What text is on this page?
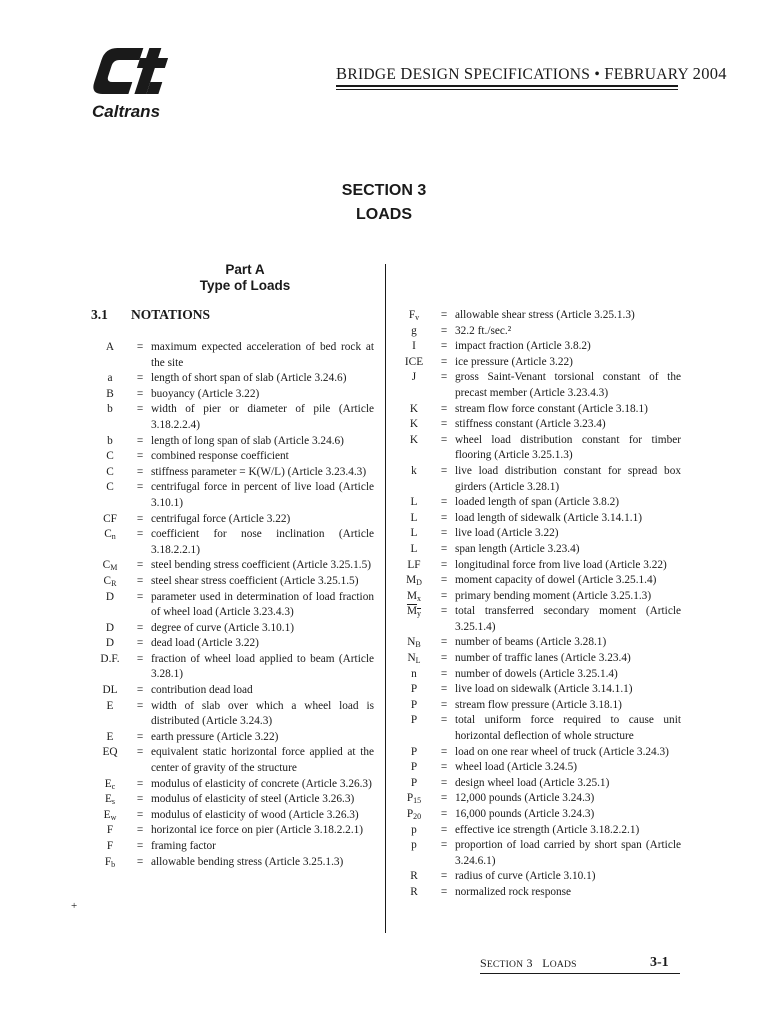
Caltrans
BRIDGE DESIGN SPECIFICATIONS • FEBRUARY 2004
SECTION 3
LOADS
Part A
Type of Loads
3.1 NOTATIONS
A	= maximum expected acceleration of bed rock at the site
a	= length of short span of slab (Article 3.24.6)
B	= buoyancy (Article 3.22)
b	= width of pier or diameter of pile (Article 3.18.2.2.4)
b	= length of long span of slab (Article 3.24.6)
C	= combined response coefficient
C	= stiffness parameter = K(W/L) (Article 3.23.4.3)
C	= centrifugal force in percent of live load (Article 3.10.1)
CF	= centrifugal force (Article 3.22)
$C_n$	= coefficient for nose inclination (Article 3.18.2.2.1)
$C_M$	= steel bending stress coefficient (Article 3.25.1.5)
$C_R$	= steel shear stress coefficient (Article 3.25.1.5)
D	= parameter used in determination of load fraction of wheel load (Article 3.23.4.3)
D	= degree of curve (Article 3.10.1)
D	= dead load (Article 3.22)
D.F.	= fraction of wheel load applied to beam (Article 3.28.1)
DL	= contribution dead load
E	= width of slab over which a wheel load is distributed (Article 3.24.3)
E	= earth pressure (Article 3.22)
EQ	= equivalent static horizontal force applied at the center of gravity of the structure
$E_c$	= modulus of elasticity of concrete (Article 3.26.3)
$E_s$	= modulus of elasticity of steel (Article 3.26.3)
$E_w$	= modulus of elasticity of wood (Article 3.26.3)
F	= horizontal ice force on pier (Article 3.18.2.2.1)
F	= framing factor
$F_b$	= allowable bending stress (Article 3.25.1.3)
$F_v$	= allowable shear stress (Article 3.25.1.3)
g	= 32.2 ft./sec.²
I	= impact fraction (Article 3.8.2)
ICE	= ice pressure (Article 3.22)
J	= gross Saint-Venant torsional constant of the precast member (Article 3.23.4.3)
K	= stream flow force constant (Article 3.18.1)
K	= stiffness constant (Article 3.23.4)
K	= wheel load distribution constant for timber flooring (Article 3.25.1.3)
k	= live load distribution constant for spread box girders (Article 3.28.1)
L	= loaded length of span (Article 3.8.2)
L	= load length of sidewalk (Article 3.14.1.1)
L	= live load (Article 3.22)
L	= span length (Article 3.23.4)
LF	= longitudinal force from live load (Article 3.22)
$M_D$	= moment capacity of dowel (Article 3.25.1.4)
$M_x$	= primary bending moment (Article 3.25.1.3)
$M_y$	= total transferred secondary moment (Article 3.25.1.4)
$N_B$	= number of beams (Article 3.28.1)
$N_L$	= number of traffic lanes (Article 3.23.4)
n	= number of dowels (Article 3.25.1.4)
P	= live load on sidewalk (Article 3.14.1.1)
P	= stream flow pressure (Article 3.18.1)
P	= total uniform force required to cause unit horizontal deflection of whole structure
P	= load on one rear wheel of truck (Article 3.24.3)
P	= wheel load (Article 3.24.5)
P	= design wheel load (Article 3.25.1)
$P_{15}$	= 12,000 pounds (Article 3.24.3)
$P_{20}$	= 16,000 pounds (Article 3.24.3)
p	= effective ice strength (Article 3.18.2.2.1)
p	= proportion of load carried by short span (Article 3.24.6.1)
R	= radius of curve (Article 3.10.1)
R	= normalized rock response
+
SECTION 3 LOADS	3-1
